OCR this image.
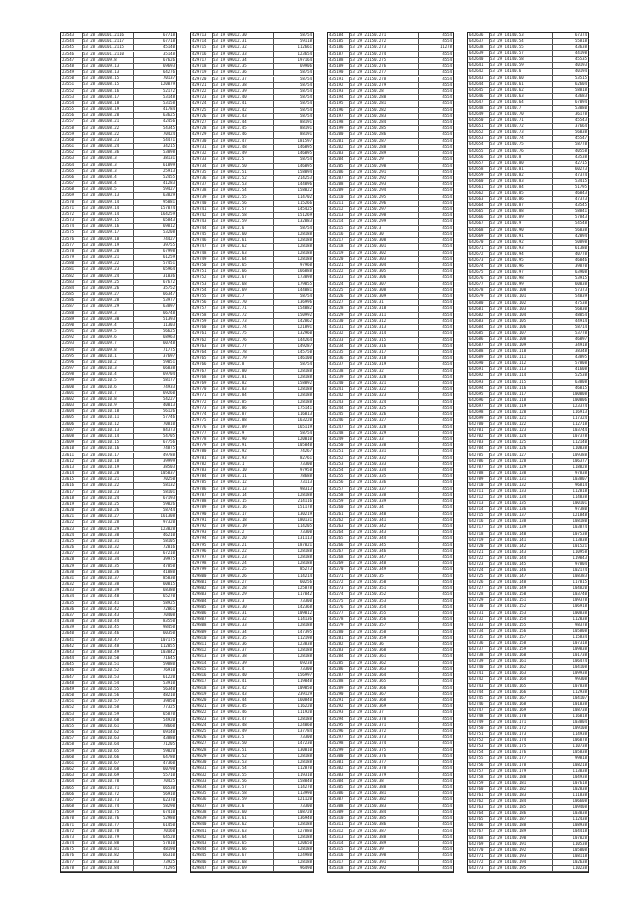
23543	53 28 300101.2116	67718
23544	53 28 300101.2117	67718
23545	53 28 300101.2115	45140
23546	53 28 300101.2110	35148
23547	53 28 300109.8	67626
23548	53 28 300109.13	69693
23549	53 28 300108.13	64276
23550	53 28 300108.15	70137
23551	53 28 300108.15	120079
23552	53 28 300108.16	52172
23553	53 28 300108.17	53148
23554	53 28 300108.18	53158
23555	53 28 300108.19	41784
23556	53 28 300108.20	63625
23557	53 28 300108.21	42456
23558	53 28 300108.22	54345
23559	53 28 300108.22	70424
23560	53 28 300108.23	54471
23561	53 28 300108.24	34215
23562	53 28 300108.36	53098
23563	53 28 300108.3	38131
23564	53 28 300108.3	61099
23565	53 28 300108.3	25913
23566	53 28 300108.4	52455
23567	53 28 300108.4	41283
23568	53 28 300108.5	59427
23569	53 28 300109.13	63829
23570	53 28 300109.14	95081
23571	53 28 300109.14	157074
23572	53 28 300109.14	164259
23573	53 28 300109.15	65843
23574	53 28 300109.16	69812
23575	53 28 300109.17	53208
23576	53 28 300109.18	74427
23577	53 28 300109.19	39755
23578	53 28 300109.20	67998
23579	53 28 300109.21	61259
23580	53 28 300109.22	57451
23581	53 28 300109.23	65964
23582	53 28 300109.24	31036
23583	53 28 300109.25	67672
23584	53 28 300109.26	35752
23585	53 28 300109.27	66347
23586	53 28 300109.28	53977
23587	53 28 300109.29	63897
23588	53 28 300109.3	66748
23589	53 28 300109.30	51393
23590	53 28 300109.4	11303
23591	53 28 300109.5	56625
23592	53 28 300109.6	68963
23593	53 28 300109.7	60748
23594	53 28 300109.8	71775
23595	53 28 300110.1	37697
23596	53 28 300110.2	59051
23597	53 28 300110.3	66038
23598	53 28 300110.4	69704
23599	53 28 300110.5	58177
23600	53 28 300110.6	74933
23601	53 28 300110.7	69260
23602	53 28 300110.8	54227
23603	53 28 300110.9	40013
23604	53 28 300110.10	56126
23605	53 28 300110.11	57746
23606	53 28 300110.12	70810
23607	53 28 300110.13	84373
23608	53 28 300110.14	54705
23609	53 28 300110.15	67756
23610	53 28 300110.16	74875
23611	53 28 300110.17	49788
23612	53 28 300110.18	39999
23613	53 28 300110.19	38503
23614	53 28 300110.20	105037
23615	53 28 300110.21	70250
23616	53 28 300110.22	58132
23617	53 28 300110.23	58101
23618	53 28 300110.24	67193
23619	53 28 300110.25	59026
23620	53 28 300110.26	58744
23621	53 28 300110.27	161308
23622	53 28 300110.28	97320
23623	53 28 300110.29	123028
23624	53 28 300110.30	46210
23625	53 28 300110.31	58105
23626	53 28 300110.32	72016
23627	53 28 300110.33	67210
23628	53 28 300110.34	39975
23629	53 28 300110.35	47850
23630	53 28 300110.36	41080
23631	53 28 300110.37	85030
23632	53 28 300110.38	60015
23633	53 28 300110.39	68380
23634	53 28 300110.40	65270
23635	53 28 300110.41	58925
23636	53 28 300110.42	72061
23637	53 28 300110.43	70408
23638	53 28 300110.44	83550
23639	53 28 300110.45	98450
23640	53 28 300110.46	60350
23641	53 28 300110.47	107175
23642	53 28 300110.48	112055
23643	53 28 300110.49	103042
23644	53 28 300110.50	71645
23645	53 28 300110.51	59880
23646	53 28 300110.52	76910
23647	53 28 300110.53	61220
23648	53 28 300110.54	53910
23649	53 28 300110.55	56340
23650	53 28 300110.56	48210
23651	53 28 300110.57	39850
23652	53 28 300110.58	77325
23653	53 28 300110.59	65870
23654	53 28 300110.60	54920
23655	53 28 300110.61	78660
23656	53 28 300110.62	69140
23657	53 28 300110.63	43880
23658	53 28 300110.64	71205
23659	53 28 300110.65	59020
23660	53 28 300110.66	64780
23661	53 28 300110.67	47360
23662	53 28 300110.68	60790
23663	53 28 300110.69	55710
23664	53 28 300110.70	70425
23665	53 28 300110.71	66530
23666	53 28 300110.72	56910
23667	53 28 300110.73	62370
23668	53 28 300110.74	58290
23669	53 28 300110.75	67410
23670	53 28 300110.76	52980
23671	53 28 300110.77	61450
23672	53 28 300110.78	70160
23673	53 28 300110.79	64520
23674	53 28 300110.80	57810
23675	53 28 300110.81	48190
23676	53 28 300110.82	66310
23677	53 28 300110.83	73925
23678	53 28 300110.84	71295
429713	53 19 09012.30	58754
429714	53 19 09012.31	59118
429715	53 19 09012.32	112661
429716	53 19 09012.33	123654
429717	53 19 09012.34	197164
429718	53 19 09012.35	69906
429719	53 19 09012.36	58754
429720	53 19 09012.37	58754
429721	53 19 09012.38	58754
429722	53 19 09012.39	58754
429723	53 19 09012.40	58754
429724	53 19 09012.41	58754
429725	53 19 09012.42	58754
429726	53 19 09012.43	58754
429727	53 19 09012.44	88191
429728	53 19 09012.45	88191
429729	53 19 09012.46	88191
429730	53 19 09012.47	181597
429731	53 19 09012.48	146095
429732	53 19 09012.49	146095
429733	53 19 09012.5	58754
429734	53 19 09012.50	146095
429735	53 19 09012.51	158094
429736	53 19 09012.52	214253
429737	53 19 09012.53	144096
429738	53 19 09012.54	158022
429739	53 19 09012.55	114702
429740	53 19 09012.56	115266
429741	53 19 09012.57	145425
429742	53 19 09012.58	151269
429743	53 19 09012.59	132083
429744	53 19 09012.6	58754
429745	53 19 09012.60	128188
429746	53 19 09012.61	128188
429747	53 19 09012.62	128188
429748	53 19 09012.63	128188
429749	53 19 09012.64	128188
429750	53 19 09012.65	97960
429751	53 19 09012.66	166088
429752	53 19 09012.67	173098
429753	53 19 09012.68	179055
429754	53 19 09012.69	144081
429755	53 19 09012.7	58754
429756	53 19 09012.70	136996
429757	53 19 09012.71	154082
429758	53 19 09012.72	150992
429759	53 19 09012.73	142862
429760	53 19 09012.74	121891
429761	53 19 09012.75	132960
429762	53 19 09012.76	144264
429763	53 19 09012.77	149287
429764	53 19 09012.78	145750
429765	53 19 09012.79	146100
429766	53 19 09012.8	58754
429767	53 19 09012.80	128188
429768	53 19 09012.81	128188
429769	53 19 09012.82	158092
429770	53 19 09012.83	128188
429771	53 19 09012.84	128188
429772	53 19 09012.85	128188
429773	53 19 09012.86	175141
429774	53 19 09012.87	116013
429775	53 19 09012.88	163220
429776	53 19 09012.89	165119
429777	53 19 09012.9	58754
429778	53 19 09012.90	120010
429779	53 19 09012.91	105040
429780	53 19 09012.92	74267
429781	53 19 09012.93	82761
429782	53 19 09013.1	73300
429783	53 19 09013.10	97958
429784	53 19 09013.11	78688
429785	53 19 09013.12	73113
429786	53 19 09013.13	98313
429787	53 19 09013.14	128188
429788	53 19 09013.15	214116
429789	53 19 09013.16	151178
429790	53 19 09013.17	130219
429791	53 19 09013.18	180131
429792	53 19 09013.19	114205
429793	53 19 09013.2	73300
429794	53 19 09013.20	131113
429795	53 19 09013.21	187021
429796	53 19 09013.22	128188
429797	53 19 09013.23	128188
429798	53 19 09013.24	128188
429799	53 19 09013.25	85273
429800	53 19 09013.26	114214
429801	53 19 09013.27	60256
429802	53 19 09013.28	125878
429803	53 19 09013.29	117042
429804	53 19 09013.3	73300
429805	53 19 09013.30	142368
429806	53 19 09013.31	109012
429807	53 19 09013.32	114136
429808	53 19 09013.33	128188
429809	53 19 09013.34	147395
429810	53 19 09013.35	112198
429811	53 19 09013.36	123038
429812	53 19 09013.37	128188
429813	53 19 09013.38	128188
429814	53 19 09013.39	69238
429815	53 19 09013.4	73300
429816	53 19 09013.40	156997
429817	53 19 09013.41	119040
429818	53 19 09013.42	109050
429819	53 19 09013.43	239129
429820	53 19 09013.44	160840
429821	53 19 09013.45	116220
429822	53 19 09013.46	111920
429823	53 19 09013.47	128188
429824	53 19 09013.48	124060
429825	53 19 09013.49	137784
429826	53 19 09013.5	73300
429827	53 19 09013.50	147230
429828	53 19 09013.51	130010
429829	53 19 09013.52	128188
429830	53 19 09013.53	128188
429831	53 19 09013.54	112870
429832	53 19 09013.55	119310
429833	53 19 09013.56	158040
429834	53 19 09013.57	114270
429835	53 19 09013.58	113990
429836	53 19 09013.59	121120
429837	53 19 09013.6	73300
429838	53 19 09013.60	108720
429839	53 19 09013.61	136940
429840	53 19 09013.62	128188
429841	53 19 09013.63	127880
429842	53 19 09013.64	128188
429843	53 19 09013.65	120650
429844	53 19 09013.66	128188
429845	53 19 09013.67	124980
429846	53 19 09013.68	128188
429847	53 19 09013.69	96490
435184	53 29 21150.271	4554
435185	53 29 21150.272	4554
435186	53 29 21150.273	11278
435187	53 29 21150.274	4554
435188	53 29 21150.275	4554
435189	53 29 21150.276	4554
435190	53 29 21150.277	4554
435191	53 29 21150.278	4554
435192	53 29 21150.279	4554
435193	53 29 21150.28	4554
435194	53 29 21150.280	4554
435195	53 29 21150.281	4554
435196	53 29 21150.282	4554
435197	53 29 21150.283	4554
435198	53 29 21150.284	4554
435199	53 29 21150.285	4554
435200	53 29 21150.286	4554
435201	53 29 21150.287	4554
435202	53 29 21150.288	4554
435203	53 29 21150.289	4554
435204	53 29 21150.29	4554
435205	53 29 21150.290	4554
435206	53 29 21150.291	4554
435207	53 29 21150.292	4554
435208	53 29 21150.293	4554
435209	53 29 21150.294	4554
435210	53 29 21150.295	4554
435211	53 29 21150.296	4554
435212	53 29 21150.297	4554
435213	53 29 21150.298	4554
435214	53 29 21150.299	4554
435215	53 29 21150.3	4554
435216	53 29 21150.30	4554
435217	53 29 21150.300	4554
435218	53 29 21150.301	4554
435219	53 29 21150.302	4554
435220	53 29 21150.303	4554
435221	53 29 21150.304	4554
435222	53 29 21150.305	4554
435223	53 29 21150.306	4554
435224	53 29 21150.307	4554
435225	53 29 21150.308	4554
435226	53 29 21150.309	4554
435227	53 29 21150.31	4554
435228	53 29 21150.310	4554
435229	53 29 21150.311	4554
435230	53 29 21150.312	4554
435231	53 29 21150.313	4554
435232	53 29 21150.314	4554
435233	53 29 21150.315	4554
435234	53 29 21150.316	4554
435235	53 29 21150.317	4554
435236	53 29 21150.318	4554
435237	53 29 21150.319	4554
435238	53 29 21150.32	4554
435239	53 29 21150.320	4554
435240	53 29 21150.321	4554
435241	53 29 21150.322	4554
435242	53 29 21150.323	4554
435243	53 29 21150.324	4554
435244	53 29 21150.325	4554
435245	53 29 21150.326	4554
435246	53 29 21150.327	4554
435247	53 29 21150.328	4554
435248	53 29 21150.329	4554
435249	53 29 21150.33	4554
435250	53 29 21150.330	4554
435251	53 29 21150.331	4554
435252	53 29 21150.332	4554
435253	53 29 21150.333	4554
435254	53 29 21150.334	4554
435255	53 29 21150.335	4554
435256	53 29 21150.336	4554
435257	53 29 21150.337	4554
435258	53 29 21150.338	4554
435259	53 29 21150.339	4554
435260	53 29 21150.34	4554
435261	53 29 21150.340	4554
435262	53 29 21150.341	4554
435263	53 29 21150.342	4554
435264	53 29 21150.343	4554
435265	53 29 21150.344	4554
435266	53 29 21150.345	4554
435267	53 29 21150.346	4554
435268	53 29 21150.347	4554
435269	53 29 21150.348	4554
435270	53 29 21150.349	4554
435271	53 29 21150.35	4554
435272	53 29 21150.350	4554
435273	53 29 21150.351	4554
435274	53 29 21150.352	4554
435275	53 29 21150.353	4554
435276	53 29 21150.354	4554
435277	53 29 21150.355	4554
435278	53 29 21150.356	4554
435279	53 29 21150.357	4554
435280	53 29 21150.358	4554
435281	53 29 21150.359	4554
435282	53 29 21150.36	4554
435283	53 29 21150.360	4554
435284	53 29 21150.361	4554
435285	53 29 21150.362	4554
435286	53 29 21150.363	4554
435287	53 29 21150.364	4554
435288	53 29 21150.365	4554
435289	53 29 21150.366	4554
435290	53 29 21150.367	4554
435291	53 29 21150.368	4554
435292	53 29 21150.369	4554
435293	53 29 21150.37	4554
435294	53 29 21150.370	4554
435295	53 29 21150.371	4554
435296	53 29 21150.372	4554
435297	53 29 21150.373	4554
435298	53 29 21150.374	4554
435299	53 29 21150.375	4554
435300	53 29 21150.376	4554
435301	53 29 21150.377	4554
435302	53 29 21150.378	4554
435303	53 29 21150.379	4554
435304	53 29 21150.38	4554
435305	53 29 21150.380	4554
435306	53 29 21150.381	4554
435307	53 29 21150.382	4554
435308	53 29 21150.383	4554
435309	53 29 21150.384	4554
435310	53 29 21150.385	4554
435311	53 29 21150.386	4554
435312	53 29 21150.387	4554
435313	53 29 21150.388	4554
435314	53 29 21150.389	4554
435315	53 29 21150.39	4554
435316	53 29 21150.390	4554
435317	53 29 21150.391	4554
435318	53 29 21150.392	4554
642636	53 29 14140.53	67374
642637	53 29 14140.54	55818
642638	53 29 14140.55	43638
642639	53 29 14140.57	44198
642640	53 29 14140.58	45535
642641	53 29 14140.59	40193
642642	53 29 14140.6	40194
642643	53 29 14140.60	53515
642644	53 29 14140.61	62604
642645	53 29 14140.62	58818
642646	53 29 14140.63	43683
642647	53 29 14140.64	67094
642648	53 29 14140.7	53080
642649	53 29 14140.70	36178
642650	53 29 14140.71	45543
642651	53 29 14140.72	37664
642652	53 29 14140.73	56038
642653	53 29 14140.74	45547
642654	53 29 14140.75	58778
642655	53 29 14140.76	40558
642656	53 29 14140.8	43538
642657	53 29 14140.80	42715
642658	53 29 14140.81	60273
642659	53 29 14140.82	47374
642660	53 29 14140.83	53415
642661	53 29 14140.84	51795
642662	53 29 14140.85	46043
642663	53 29 14140.86	47373
642664	53 29 14140.87	43545
642665	53 29 14140.88	58841
642666	53 29 14140.89	57843
642667	53 29 14140.9	54548
642668	53 29 14140.90	56038
642669	53 29 14140.91	42094
642670	53 29 14140.92	50898
642671	53 29 14140.93	61380
642672	53 29 14140.94	40778
642673	53 29 14140.95	46046
642674	53 29 14140.96	39870
642675	53 29 14140.97	63908
642676	53 29 14140.98	53915
642677	53 29 14140.99	60038
642678	53 29 14140.100	57373
642679	53 29 14140.101	54039
642680	53 29 14140.102	47538
642681	53 29 14140.103	56030
642682	53 29 14140.104	48054
642683	53 29 14140.105	44914
642684	53 29 14140.106	58714
642685	53 29 14140.107	53778
642686	53 29 14140.108	46097
642687	53 29 14140.109	34918
642688	53 29 14140.110	38348
642689	53 29 14140.111	43895
642690	53 29 14140.112	57808
642691	53 29 14140.113	41608
642692	53 29 14140.114	52538
642693	53 29 14140.115	63808
642694	53 29 14140.116	46015
642695	53 29 14140.117	100008
642696	53 29 14140.118	100006
642697	53 29 14140.119	123374
642698	53 29 14140.120	116913
642699	53 29 14140.121	117324
642700	53 29 14140.122	112718
642701	53 29 14140.123	103744
642702	53 29 14140.124	107378
642703	53 29 14140.125	112140
642704	53 29 14140.126	110038
642705	53 29 14140.127	109388
642706	53 29 14140.128	106377
642707	53 29 14140.129	118028
642708	53 29 14140.130	97838
642709	53 29 14140.131	103807
642710	53 29 14140.132	96814
642711	53 29 14140.133	112818
642712	53 29 14140.134	114038
642713	53 29 14140.135	100101
642714	53 29 14140.136	97380
642715	53 29 14140.137	121848
642716	53 29 14140.138	108180
642717	53 29 14140.139	103874
642718	53 29 14140.140	107538
642719	53 29 14140.141	113838
642720	53 29 14140.142	101521
642721	53 29 14140.143	110958
642722	53 29 14140.144	119043
642723	53 29 14140.145	97804
642724	53 29 14140.146	102174
642725	53 29 14140.147	108383
642726	53 29 14140.148	117815
642727	53 29 14140.149	104820
642728	53 29 14140.150	103740
642729	53 29 14140.151	109378
642730	53 29 14140.152	106918
642731	53 29 14140.153	100838
642732	53 29 14140.154	112038
642733	53 29 14140.155	98378
642734	53 29 14140.156	105808
642735	53 29 14140.157	115834
642736	53 29 14140.158	107318
642737	53 29 14140.159	109838
642738	53 29 14140.160	101738
642739	53 29 14140.161	106474
642740	53 29 14140.162	104108
642741	53 29 14140.163	109938
642742	53 29 14140.164	99308
642743	53 29 14140.165	107838
642744	53 29 14140.166	112938
642745	53 29 14140.167	104107
642746	53 29 14140.168	101038
642747	53 29 14140.169	108738
642748	53 29 14140.170	116018
642749	53 29 14140.171	103804
642750	53 29 14140.172	109108
642751	53 29 14140.173	114938
642752	53 29 14140.174	106078
642753	53 29 14140.175	110738
642754	53 29 14140.176	105838
642755	53 29 14140.177	99818
642756	53 29 14140.178	108218
642757	53 29 14140.179	113038
642758	53 29 14140.180	104938
642759	53 29 14140.181	107618
642760	53 29 14140.182	102838
642761	53 29 14140.183	111838
642762	53 29 14140.184	106608
642763	53 29 14140.185	109408
642764	53 29 14140.186	103038
642765	53 29 14140.187	112438
642766	53 29 14140.188	108938
642767	53 29 14140.189	104418
642768	53 29 14140.190	107028
642769	53 29 14140.191	110538
642770	53 29 14140.192	105008
642771	53 29 14140.193	108118
642772	53 29 14140.194	102638
642773	53 29 14140.195	110238
